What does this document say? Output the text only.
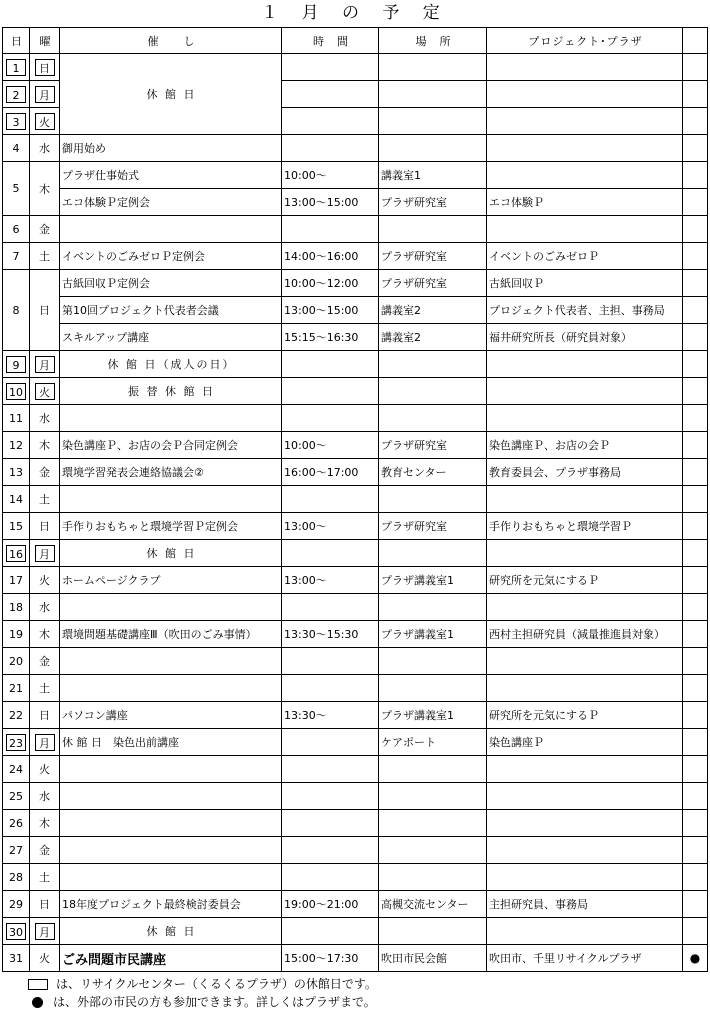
１ 月 の 予 定
日	曜	催　　し	時　間	場　所	プロジェクト･プラザ	
1	日	休 館 日				
2	月					
3	火					
4	水	御用始め				
5	木	プラザ仕事始式	10:00～	講義室1		
		エコ体験Ｐ定例会	13:00～15:00	プラザ研究室	エコ体験Ｐ	
6	金					
7	土	イベントのごみゼロＰ定例会	14:00～16:00	プラザ研究室	イベントのごみゼロＰ	
8	日	古紙回収Ｐ定例会	10:00～12:00	プラザ研究室	古紙回収Ｐ	
		第10回プロジェクト代表者会議	13:00～15:00	講義室2	プロジェクト代表者、主担、事務局	
		スキルアップ講座	15:15～16:30	講義室2	福井研究所長（研究員対象）	
9	月	休 館 日（成人の日）				
10	火	振 替 休 館 日				
11	水					
12	木	染色講座Ｐ、お店の会Ｐ合同定例会	10:00～	プラザ研究室	染色講座Ｐ、お店の会Ｐ	
13	金	環境学習発表会連絡協議会②	16:00～17:00	教育センター	教育委員会、プラザ事務局	
14	土					
15	日	手作りおもちゃと環境学習Ｐ定例会	13:00～	プラザ研究室	手作りおもちゃと環境学習Ｐ	
16	月	休 館 日				
17	火	ホームページクラブ	13:00～	プラザ講義室1	研究所を元気にするＰ	
18	水					
19	木	環境問題基礎講座Ⅲ（吹田のごみ事情）	13:30～15:30	プラザ講義室1	西村主担研究員（減量推進員対象）	
20	金					
21	土					
22	日	パソコン講座	13:30～	プラザ講義室1	研究所を元気にするＰ	
23	月	休 館 日　染色出前講座		ケアポート	染色講座Ｐ	
24	火					
25	水					
26	木					
27	金					
28	土					
29	日	18年度プロジェクト最終検討委員会	19:00～21:00	高槻交流センター	主担研究員、事務局	
30	月	休 館 日				
31	火	ごみ問題市民講座	15:00～17:30	吹田市民会館	吹田市、千里リサイクルプラザ	●
は、リサイクルセンター（くるくるプラザ）の休館日です。
は、外部の市民の方も参加できます。詳しくはプラザまで。
